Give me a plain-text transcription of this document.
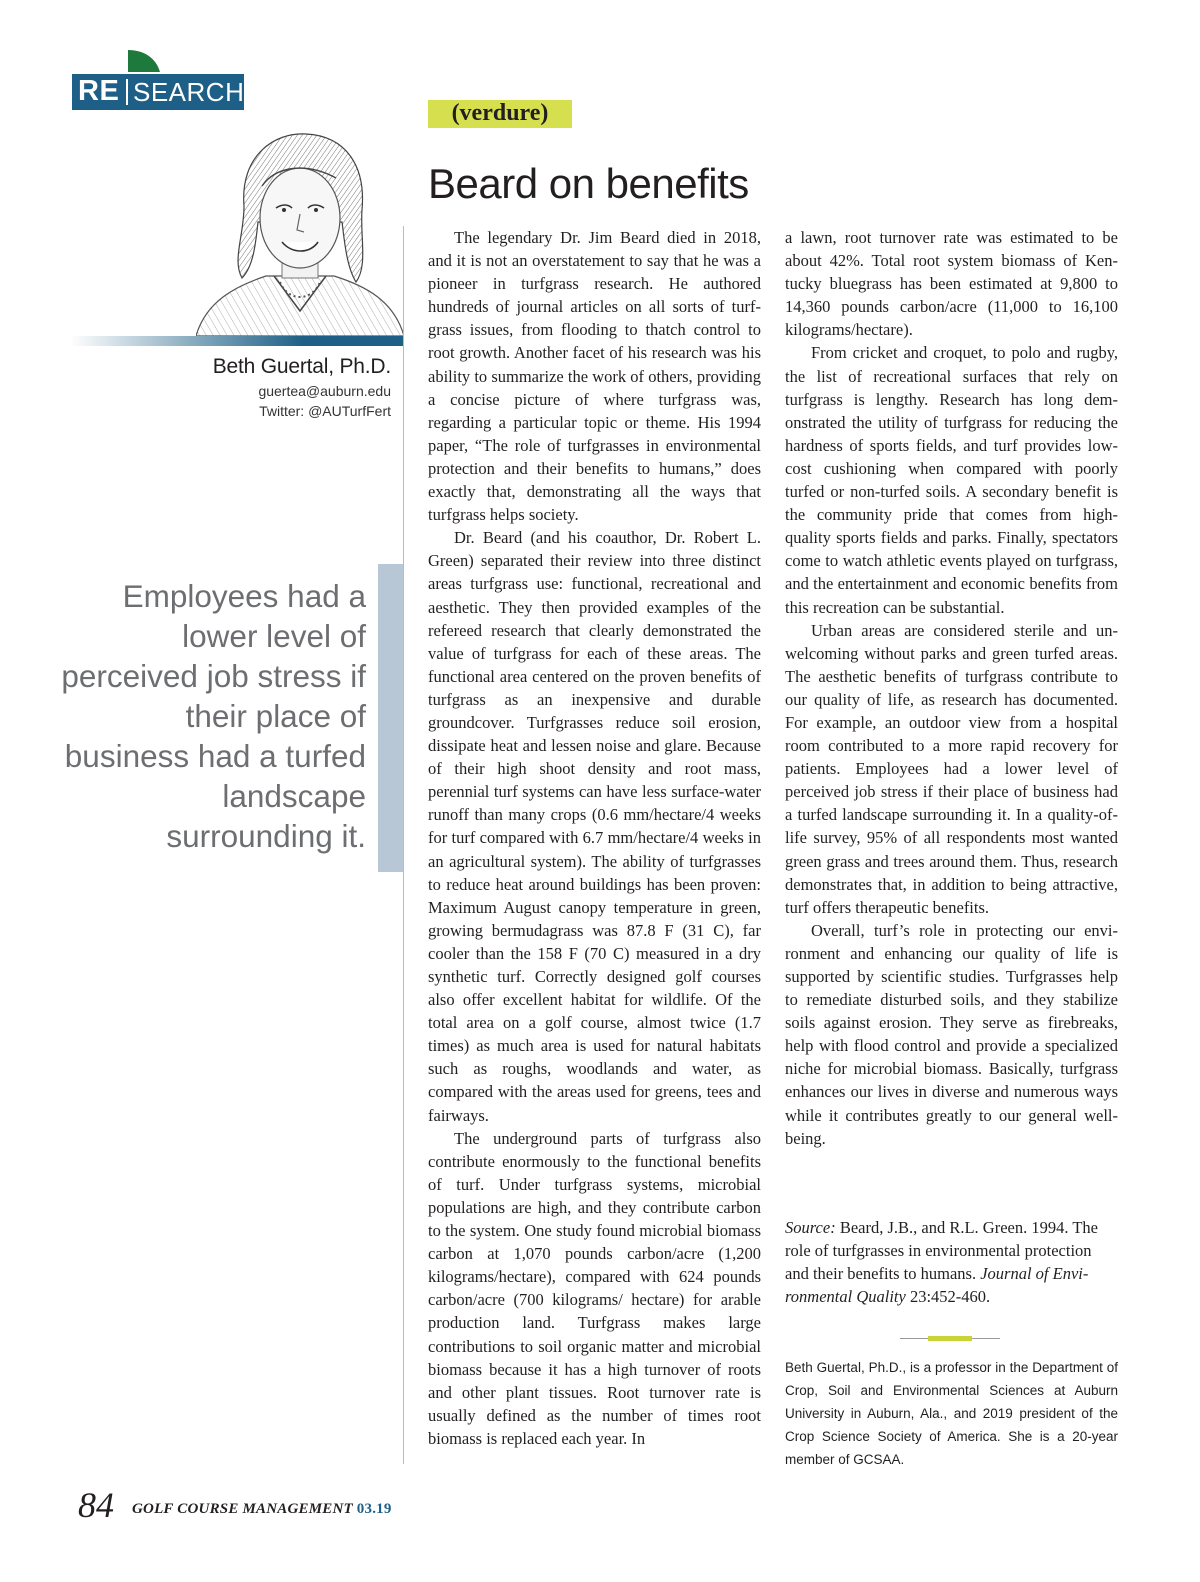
RE SEARCH
Beth Guertal, Ph.D.
guertea@auburn.edu
Twitter: @AUTurfFert
Employees had a lower level of perceived job stress if their place of business had a turfed landscape surrounding it.
(verdure)
Beard on benefits

The legendary Dr. Jim Beard died in 2018, and it is not an overstatement to say that he was a pioneer in turfgrass research. He authored hundreds of journal articles on all sorts of turfgrass issues, from flooding to thatch control to root growth. Another facet of his research was his ability to summarize the work of others, providing a concise picture of where turfgrass was, regarding a particular topic or theme. His 1994 paper, “The role of turfgrasses in environmental protection and their benefits to humans,” does exactly that, demonstrating all the ways that turfgrass helps society.

Dr. Beard (and his coauthor, Dr. Robert L. Green) separated their review into three distinct areas turfgrass use: functional, recreational and aesthetic. They then provided examples of the refereed research that clearly demonstrated the value of turfgrass for each of these areas. The functional area centered on the proven benefits of turfgrass as an inexpensive and durable groundcover. Turfgrasses reduce soil erosion, dissipate heat and lessen noise and glare. Because of their high shoot density and root mass, perennial turf systems can have less surface-water runoff than many crops (0.6 mm/hectare/4 weeks for turf compared with 6.7 mm/hectare/4 weeks in an agricultural system). The ability of turfgrasses to reduce heat around buildings has been proven: Maximum August canopy temperature in green, growing bermudagrass was 87.8 F (31 C), far cooler than the 158 F (70 C) measured in a dry synthetic turf. Correctly designed golf courses also offer excellent habitat for wildlife. Of the total area on a golf course, almost twice (1.7 times) as much area is used for natural habitats such as roughs, woodlands and water, as compared with the areas used for greens, tees and fairways.

The underground parts of turfgrass also contribute enormously to the functional benefits of turf. Under turfgrass systems, microbial populations are high, and they contribute carbon to the system. One study found microbial biomass carbon at 1,070 pounds carbon/acre (1,200 kilograms/hectare), compared with 624 pounds carbon/acre (700 kilograms/ hectare) for arable production land. Turfgrass makes large contributions to soil organic matter and microbial biomass because it has a high turnover of roots and other plant tissues. Root turnover rate is usually defined as the number of times root biomass is replaced each year. In

a lawn, root turnover rate was estimated to be about 42%. Total root system biomass of Kentucky bluegrass has been estimated at 9,800 to 14,360 pounds carbon/acre (11,000 to 16,100 kilograms/hectare).

From cricket and croquet, to polo and rugby, the list of recreational surfaces that rely on turfgrass is lengthy. Research has long demonstrated the utility of turfgrass for reducing the hardness of sports fields, and turf provides low-cost cushioning when compared with poorly turfed or non-turfed soils. A secondary benefit is the community pride that comes from high-quality sports fields and parks. Finally, spectators come to watch athletic events played on turfgrass, and the entertainment and economic benefits from this recreation can be substantial.

Urban areas are considered sterile and unwelcoming without parks and green turfed areas. The aesthetic benefits of turfgrass contribute to our quality of life, as research has documented. For example, an outdoor view from a hospital room contributed to a more rapid recovery for patients. Employees had a lower level of perceived job stress if their place of business had a turfed landscape surrounding it. In a quality-of-life survey, 95% of all respondents most wanted green grass and trees around them. Thus, research demonstrates that, in addition to being attractive, turf offers therapeutic benefits.

Overall, turf’s role in protecting our environment and enhancing our quality of life is supported by scientific studies. Turfgrasses help to remediate disturbed soils, and they stabilize soils against erosion. They serve as firebreaks, help with flood control and provide a specialized niche for microbial biomass. Basically, turfgrass enhances our lives in diverse and numerous ways while it contributes greatly to our general well-being.

Source: Beard, J.B., and R.L. Green. 1994. The role of turfgrasses in environmental protection and their benefits to humans. Journal of Environmental Quality 23:452-460.
Beth Guertal, Ph.D., is a professor in the Department of Crop, Soil and Environmental Sciences at Auburn University in Auburn, Ala., and 2019 president of the Crop Science Society of America. She is a 20-year member of GCSAA.
84 GOLF COURSE MANAGEMENT 03.19
